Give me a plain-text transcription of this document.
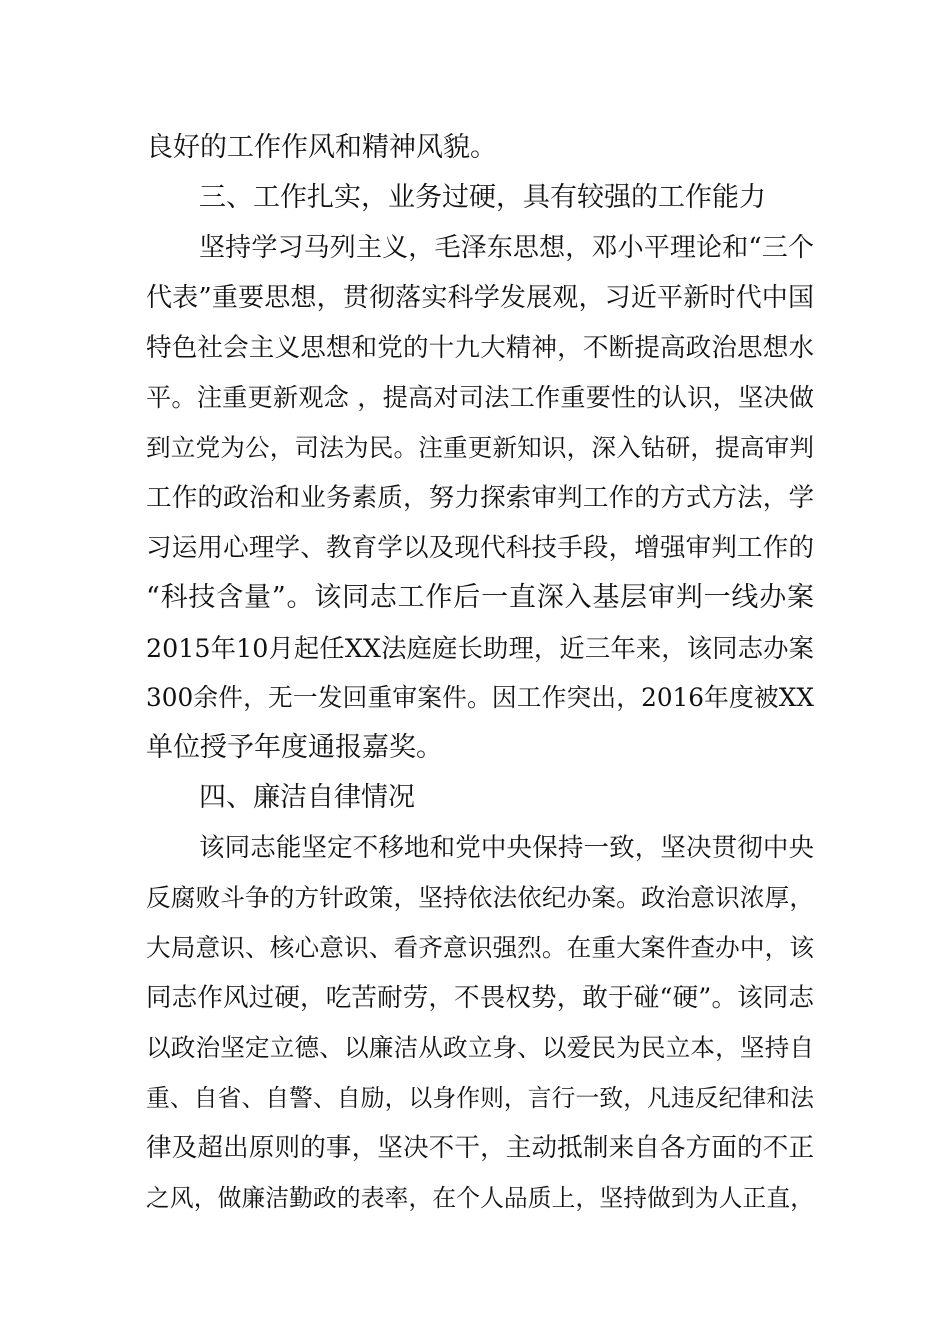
良好的工作作风和精神风貌。
三、工作扎实，业务过硬，具有较强的工作能力
坚持学习马列主义，毛泽东思想，邓小平理论和“三个
代表”重要思想，贯彻落实科学发展观，习近平新时代中国
特色社会主义思想和党的十九大精神，不断提高政治思想水
平。注重更新观念 ，提高对司法工作重要性的认识，坚决做
到立党为公，司法为民。注重更新知识，深入钻研，提高审判
工作的政治和业务素质，努力探索审判工作的方式方法，学
习运用心理学、教育学以及现代科技手段，增强审判工作的
“科技含量”。该同志工作后一直深入基层审判一线办案
2015年10月起任XX法庭庭长助理，近三年来，该同志办案
300余件，无一发回重审案件。因工作突出，2016年度被XX
单位授予年度通报嘉奖。
四、廉洁自律情况
该同志能坚定不移地和党中央保持一致，坚决贯彻中央
反腐败斗争的方针政策，坚持依法依纪办案。政治意识浓厚，
大局意识、核心意识、看齐意识强烈。在重大案件查办中，该
同志作风过硬，吃苦耐劳，不畏权势，敢于碰“硬”。该同志
以政治坚定立德、以廉洁从政立身、以爱民为民立本，坚持自
重、自省、自警、自励，以身作则，言行一致，凡违反纪律和法
律及超出原则的事，坚决不干，主动抵制来自各方面的不正
之风，做廉洁勤政的表率，在个人品质上，坚持做到为人正直，
